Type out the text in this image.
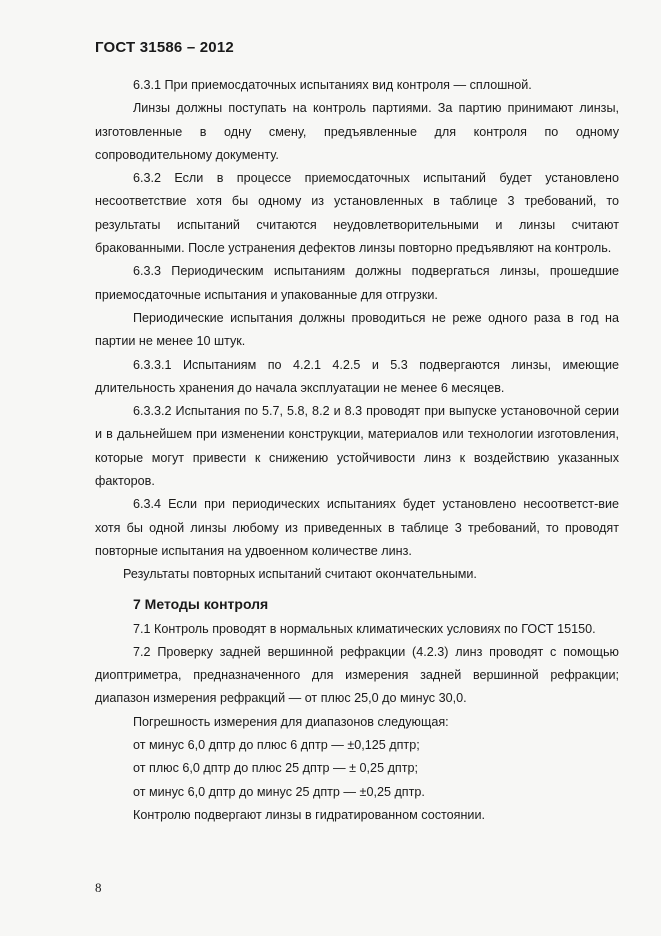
ГОСТ 31586 – 2012

6.3.1 При приемосдаточных испытаниях вид контроля — сплошной.

Линзы должны поступать на контроль партиями. За партию принимают линзы, изготовленные в одну смену, предъявленные для контроля по одному сопроводительному документу.

6.3.2 Если в процессе приемосдаточных испытаний будет установлено несоответствие хотя бы одному из установленных в таблице 3 требований, то результаты испытаний считаются неудовлетворительными и линзы считают бракованными. После устранения дефектов линзы повторно предъявляют на контроль.

6.3.3 Периодическим испытаниям должны подвергаться линзы, прошедшие приемосдаточные испытания и упакованные для отгрузки.

Периодические испытания должны проводиться не реже одного раза в год на партии не менее 10 штук.

6.3.3.1 Испытаниям по 4.2.1 4.2.5 и 5.3 подвергаются линзы, имеющие длительность хранения до начала эксплуатации не менее 6 месяцев.

6.3.3.2 Испытания по 5.7, 5.8, 8.2 и 8.3 проводят при выпуске установочной серии и в дальнейшем при изменении конструкции, материалов или технологии изготовления, которые могут привести к снижению устойчивости линз к воздействию указанных факторов.

6.3.4 Если при периодических испытаниях будет установлено несоответст-вие хотя бы одной линзы любому из приведенных в таблице 3 требований, то проводят повторные испытания на удвоенном количестве линз.

Результаты повторных испытаний считают окончательными.

7 Методы контроля

7.1 Контроль проводят в нормальных климатических условиях по ГОСТ 15150.

7.2 Проверку задней вершинной рефракции (4.2.3) линз проводят с помощью диоптриметра, предназначенного для измерения задней вершинной рефракции; диапазон измерения рефракций — от плюс 25,0 до минус 30,0.

Погрешность измерения для диапазонов следующая:

от минус 6,0 дптр до плюс 6 дптр — ±0,125 дптр;

от плюс 6,0 дптр до плюс 25 дптр — ± 0,25 дптр;

от минус 6,0 дптр до минус 25 дптр — ±0,25 дптр.

Контролю подвергают линзы в гидратированном состоянии.

8
